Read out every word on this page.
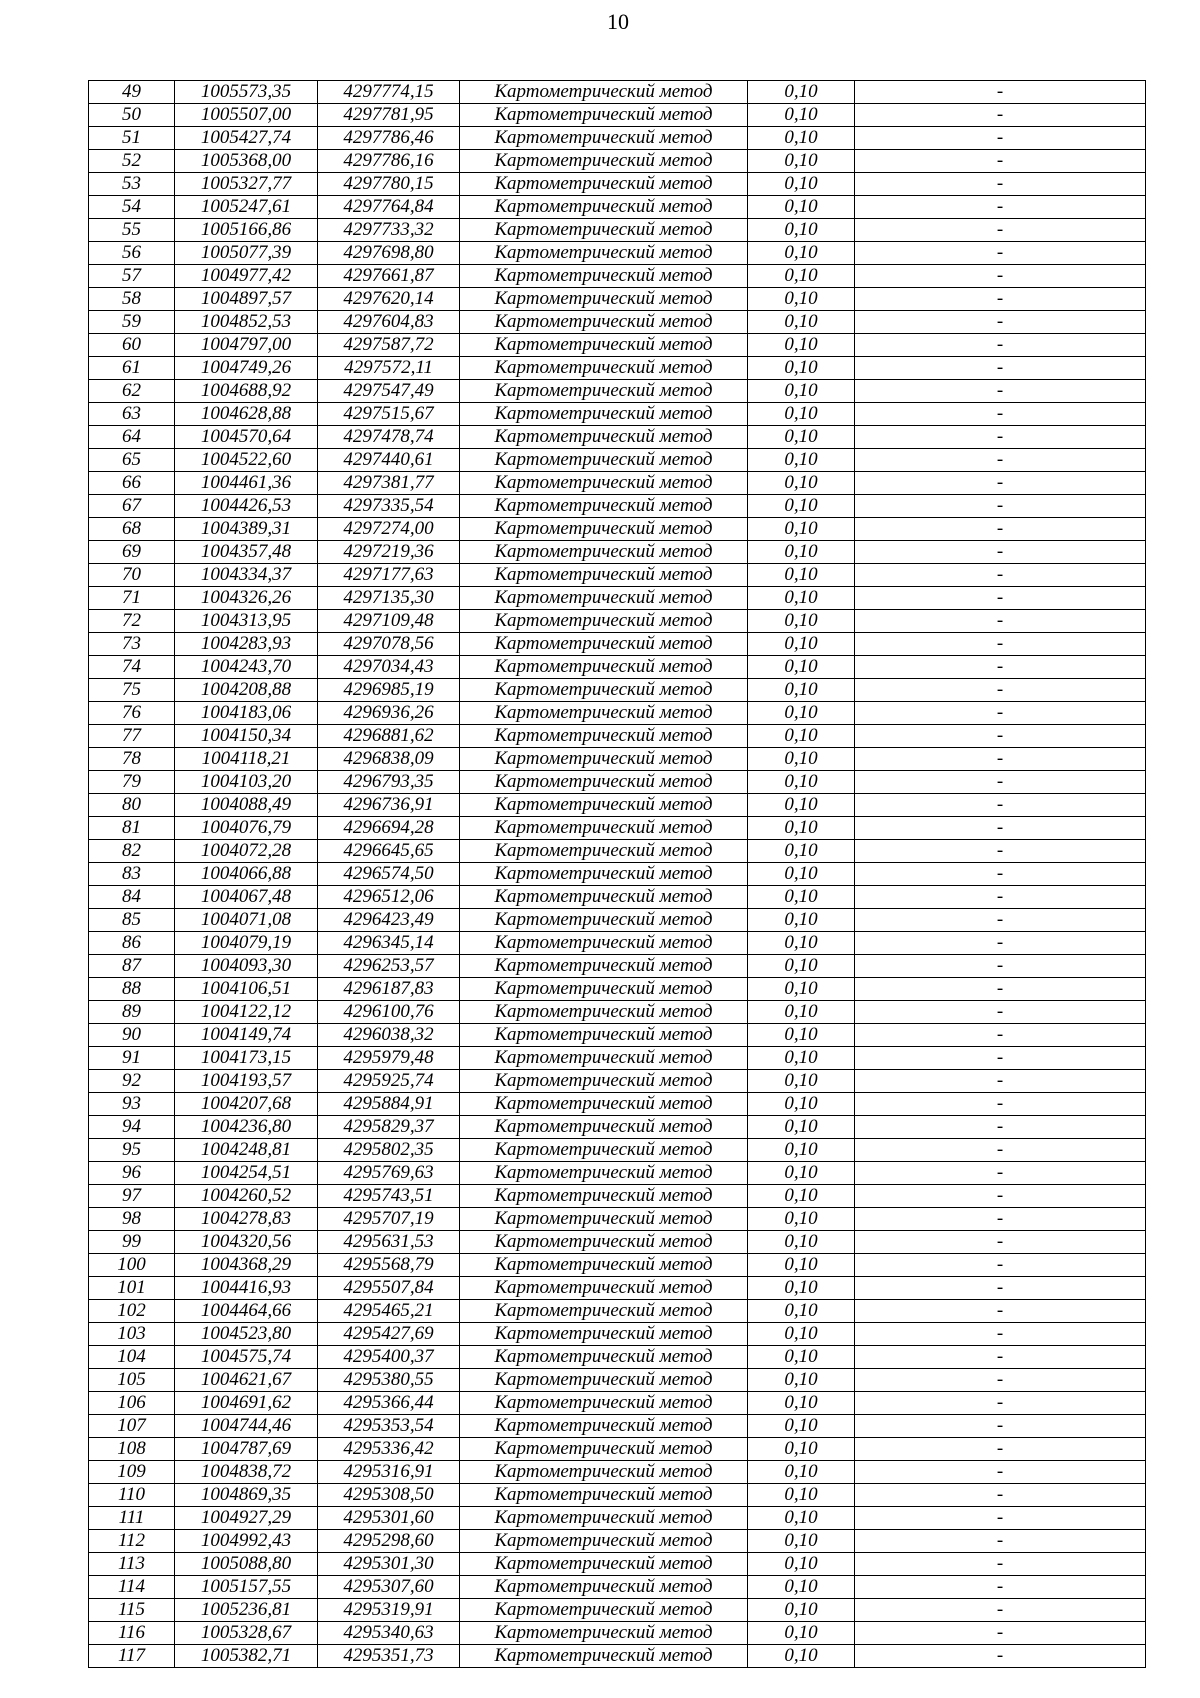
10
49	1005573,35	4297774,15	Картометрический метод	0,10	-
50	1005507,00	4297781,95	Картометрический метод	0,10	-
51	1005427,74	4297786,46	Картометрический метод	0,10	-
52	1005368,00	4297786,16	Картометрический метод	0,10	-
53	1005327,77	4297780,15	Картометрический метод	0,10	-
54	1005247,61	4297764,84	Картометрический метод	0,10	-
55	1005166,86	4297733,32	Картометрический метод	0,10	-
56	1005077,39	4297698,80	Картометрический метод	0,10	-
57	1004977,42	4297661,87	Картометрический метод	0,10	-
58	1004897,57	4297620,14	Картометрический метод	0,10	-
59	1004852,53	4297604,83	Картометрический метод	0,10	-
60	1004797,00	4297587,72	Картометрический метод	0,10	-
61	1004749,26	4297572,11	Картометрический метод	0,10	-
62	1004688,92	4297547,49	Картометрический метод	0,10	-
63	1004628,88	4297515,67	Картометрический метод	0,10	-
64	1004570,64	4297478,74	Картометрический метод	0,10	-
65	1004522,60	4297440,61	Картометрический метод	0,10	-
66	1004461,36	4297381,77	Картометрический метод	0,10	-
67	1004426,53	4297335,54	Картометрический метод	0,10	-
68	1004389,31	4297274,00	Картометрический метод	0,10	-
69	1004357,48	4297219,36	Картометрический метод	0,10	-
70	1004334,37	4297177,63	Картометрический метод	0,10	-
71	1004326,26	4297135,30	Картометрический метод	0,10	-
72	1004313,95	4297109,48	Картометрический метод	0,10	-
73	1004283,93	4297078,56	Картометрический метод	0,10	-
74	1004243,70	4297034,43	Картометрический метод	0,10	-
75	1004208,88	4296985,19	Картометрический метод	0,10	-
76	1004183,06	4296936,26	Картометрический метод	0,10	-
77	1004150,34	4296881,62	Картометрический метод	0,10	-
78	1004118,21	4296838,09	Картометрический метод	0,10	-
79	1004103,20	4296793,35	Картометрический метод	0,10	-
80	1004088,49	4296736,91	Картометрический метод	0,10	-
81	1004076,79	4296694,28	Картометрический метод	0,10	-
82	1004072,28	4296645,65	Картометрический метод	0,10	-
83	1004066,88	4296574,50	Картометрический метод	0,10	-
84	1004067,48	4296512,06	Картометрический метод	0,10	-
85	1004071,08	4296423,49	Картометрический метод	0,10	-
86	1004079,19	4296345,14	Картометрический метод	0,10	-
87	1004093,30	4296253,57	Картометрический метод	0,10	-
88	1004106,51	4296187,83	Картометрический метод	0,10	-
89	1004122,12	4296100,76	Картометрический метод	0,10	-
90	1004149,74	4296038,32	Картометрический метод	0,10	-
91	1004173,15	4295979,48	Картометрический метод	0,10	-
92	1004193,57	4295925,74	Картометрический метод	0,10	-
93	1004207,68	4295884,91	Картометрический метод	0,10	-
94	1004236,80	4295829,37	Картометрический метод	0,10	-
95	1004248,81	4295802,35	Картометрический метод	0,10	-
96	1004254,51	4295769,63	Картометрический метод	0,10	-
97	1004260,52	4295743,51	Картометрический метод	0,10	-
98	1004278,83	4295707,19	Картометрический метод	0,10	-
99	1004320,56	4295631,53	Картометрический метод	0,10	-
100	1004368,29	4295568,79	Картометрический метод	0,10	-
101	1004416,93	4295507,84	Картометрический метод	0,10	-
102	1004464,66	4295465,21	Картометрический метод	0,10	-
103	1004523,80	4295427,69	Картометрический метод	0,10	-
104	1004575,74	4295400,37	Картометрический метод	0,10	-
105	1004621,67	4295380,55	Картометрический метод	0,10	-
106	1004691,62	4295366,44	Картометрический метод	0,10	-
107	1004744,46	4295353,54	Картометрический метод	0,10	-
108	1004787,69	4295336,42	Картометрический метод	0,10	-
109	1004838,72	4295316,91	Картометрический метод	0,10	-
110	1004869,35	4295308,50	Картометрический метод	0,10	-
111	1004927,29	4295301,60	Картометрический метод	0,10	-
112	1004992,43	4295298,60	Картометрический метод	0,10	-
113	1005088,80	4295301,30	Картометрический метод	0,10	-
114	1005157,55	4295307,60	Картометрический метод	0,10	-
115	1005236,81	4295319,91	Картометрический метод	0,10	-
116	1005328,67	4295340,63	Картометрический метод	0,10	-
117	1005382,71	4295351,73	Картометрический метод	0,10	-
